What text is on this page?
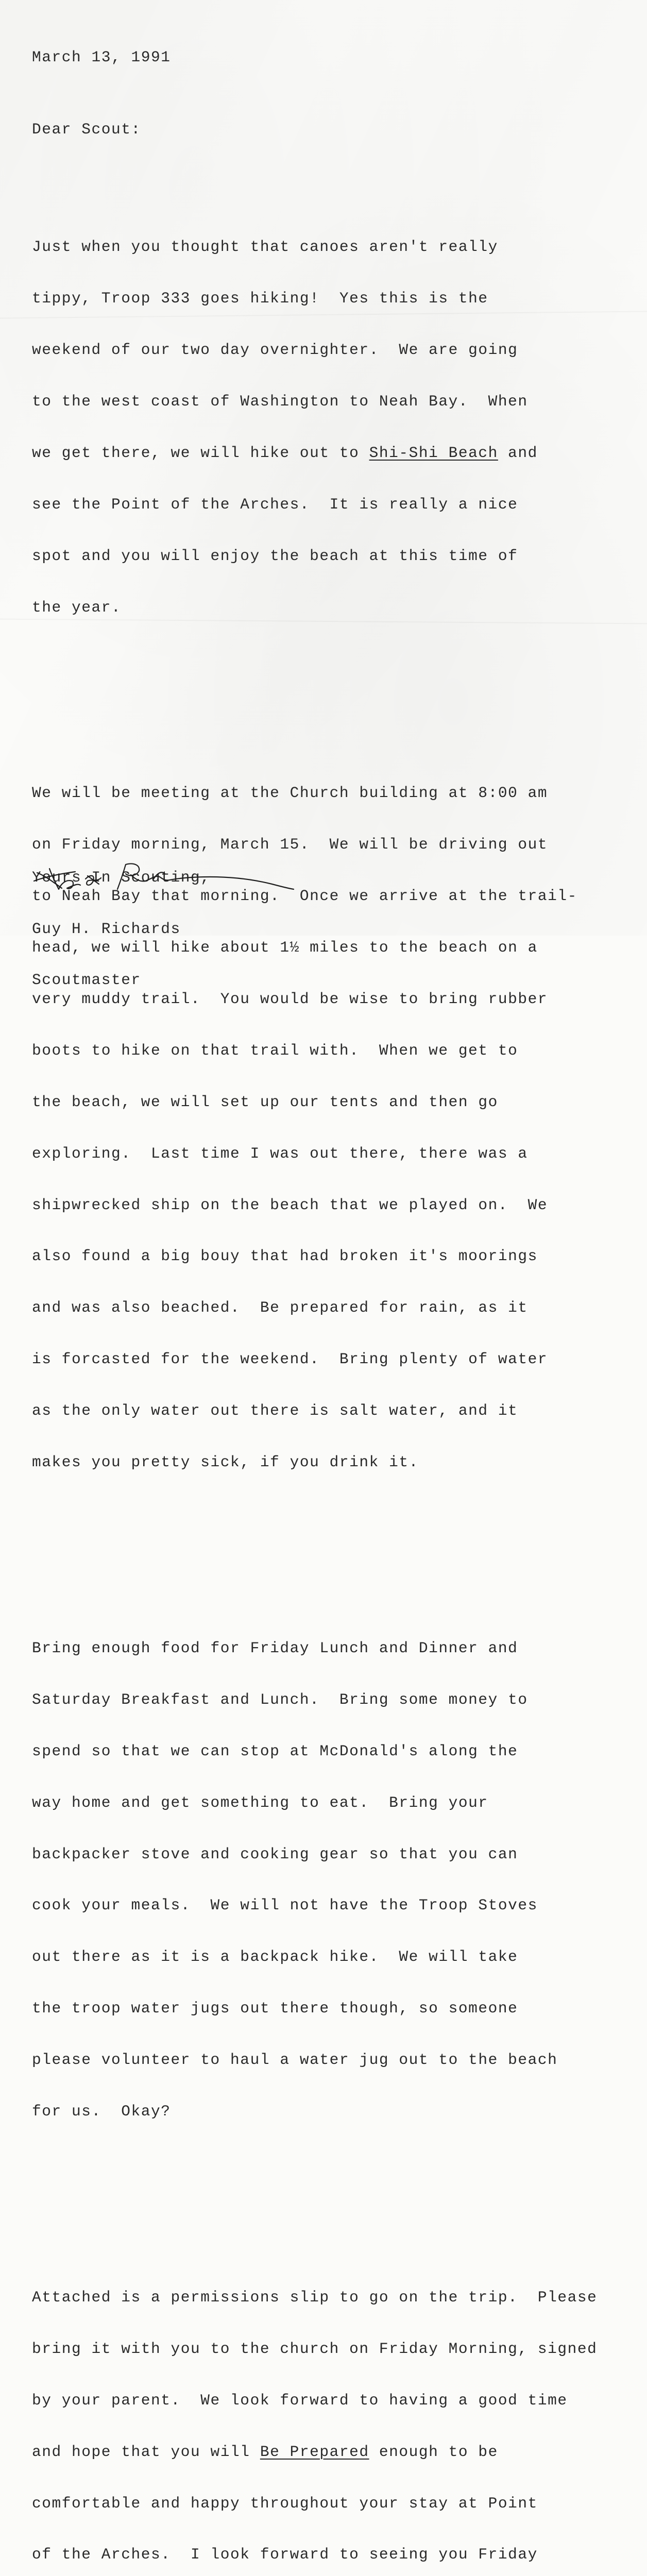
March 13, 1991

Dear Scout:

Just when you thought that canoes aren't really

tippy, Troop 333 goes hiking!  Yes this is the

weekend of our two day overnighter.  We are going

to the west coast of Washington to Neah Bay.  When

we get there, we will hike out to Shi-Shi Beach and

see the Point of the Arches.  It is really a nice

spot and you will enjoy the beach at this time of

the year.

We will be meeting at the Church building at 8:00 am

on Friday morning, March 15.  We will be driving out

to Neah Bay that morning.  Once we arrive at the trail-

head, we will hike about 1½ miles to the beach on a

very muddy trail.  You would be wise to bring rubber

boots to hike on that trail with.  When we get to

the beach, we will set up our tents and then go

exploring.  Last time I was out there, there was a

shipwrecked ship on the beach that we played on.  We

also found a big bouy that had broken it's moorings

and was also beached.  Be prepared for rain, as it

is forcasted for the weekend.  Bring plenty of water

as the only water out there is salt water, and it

makes you pretty sick, if you drink it.

Bring enough food for Friday Lunch and Dinner and

Saturday Breakfast and Lunch.  Bring some money to

spend so that we can stop at McDonald's along the

way home and get something to eat.  Bring your

backpacker stove and cooking gear so that you can

cook your meals.  We will not have the Troop Stoves

out there as it is a backpack hike.  We will take

the troop water jugs out there though, so someone

please volunteer to haul a water jug out to the beach

for us.  Okay?

Attached is a permissions slip to go on the trip.  Please

bring it with you to the church on Friday Morning, signed

by your parent.  We look forward to having a good time

and hope that you will Be Prepared enough to be

comfortable and happy throughout your stay at Point

of the Arches.  I look forward to seeing you Friday

Yours In Scouting,

Guy H. Richards

Scoutmaster
